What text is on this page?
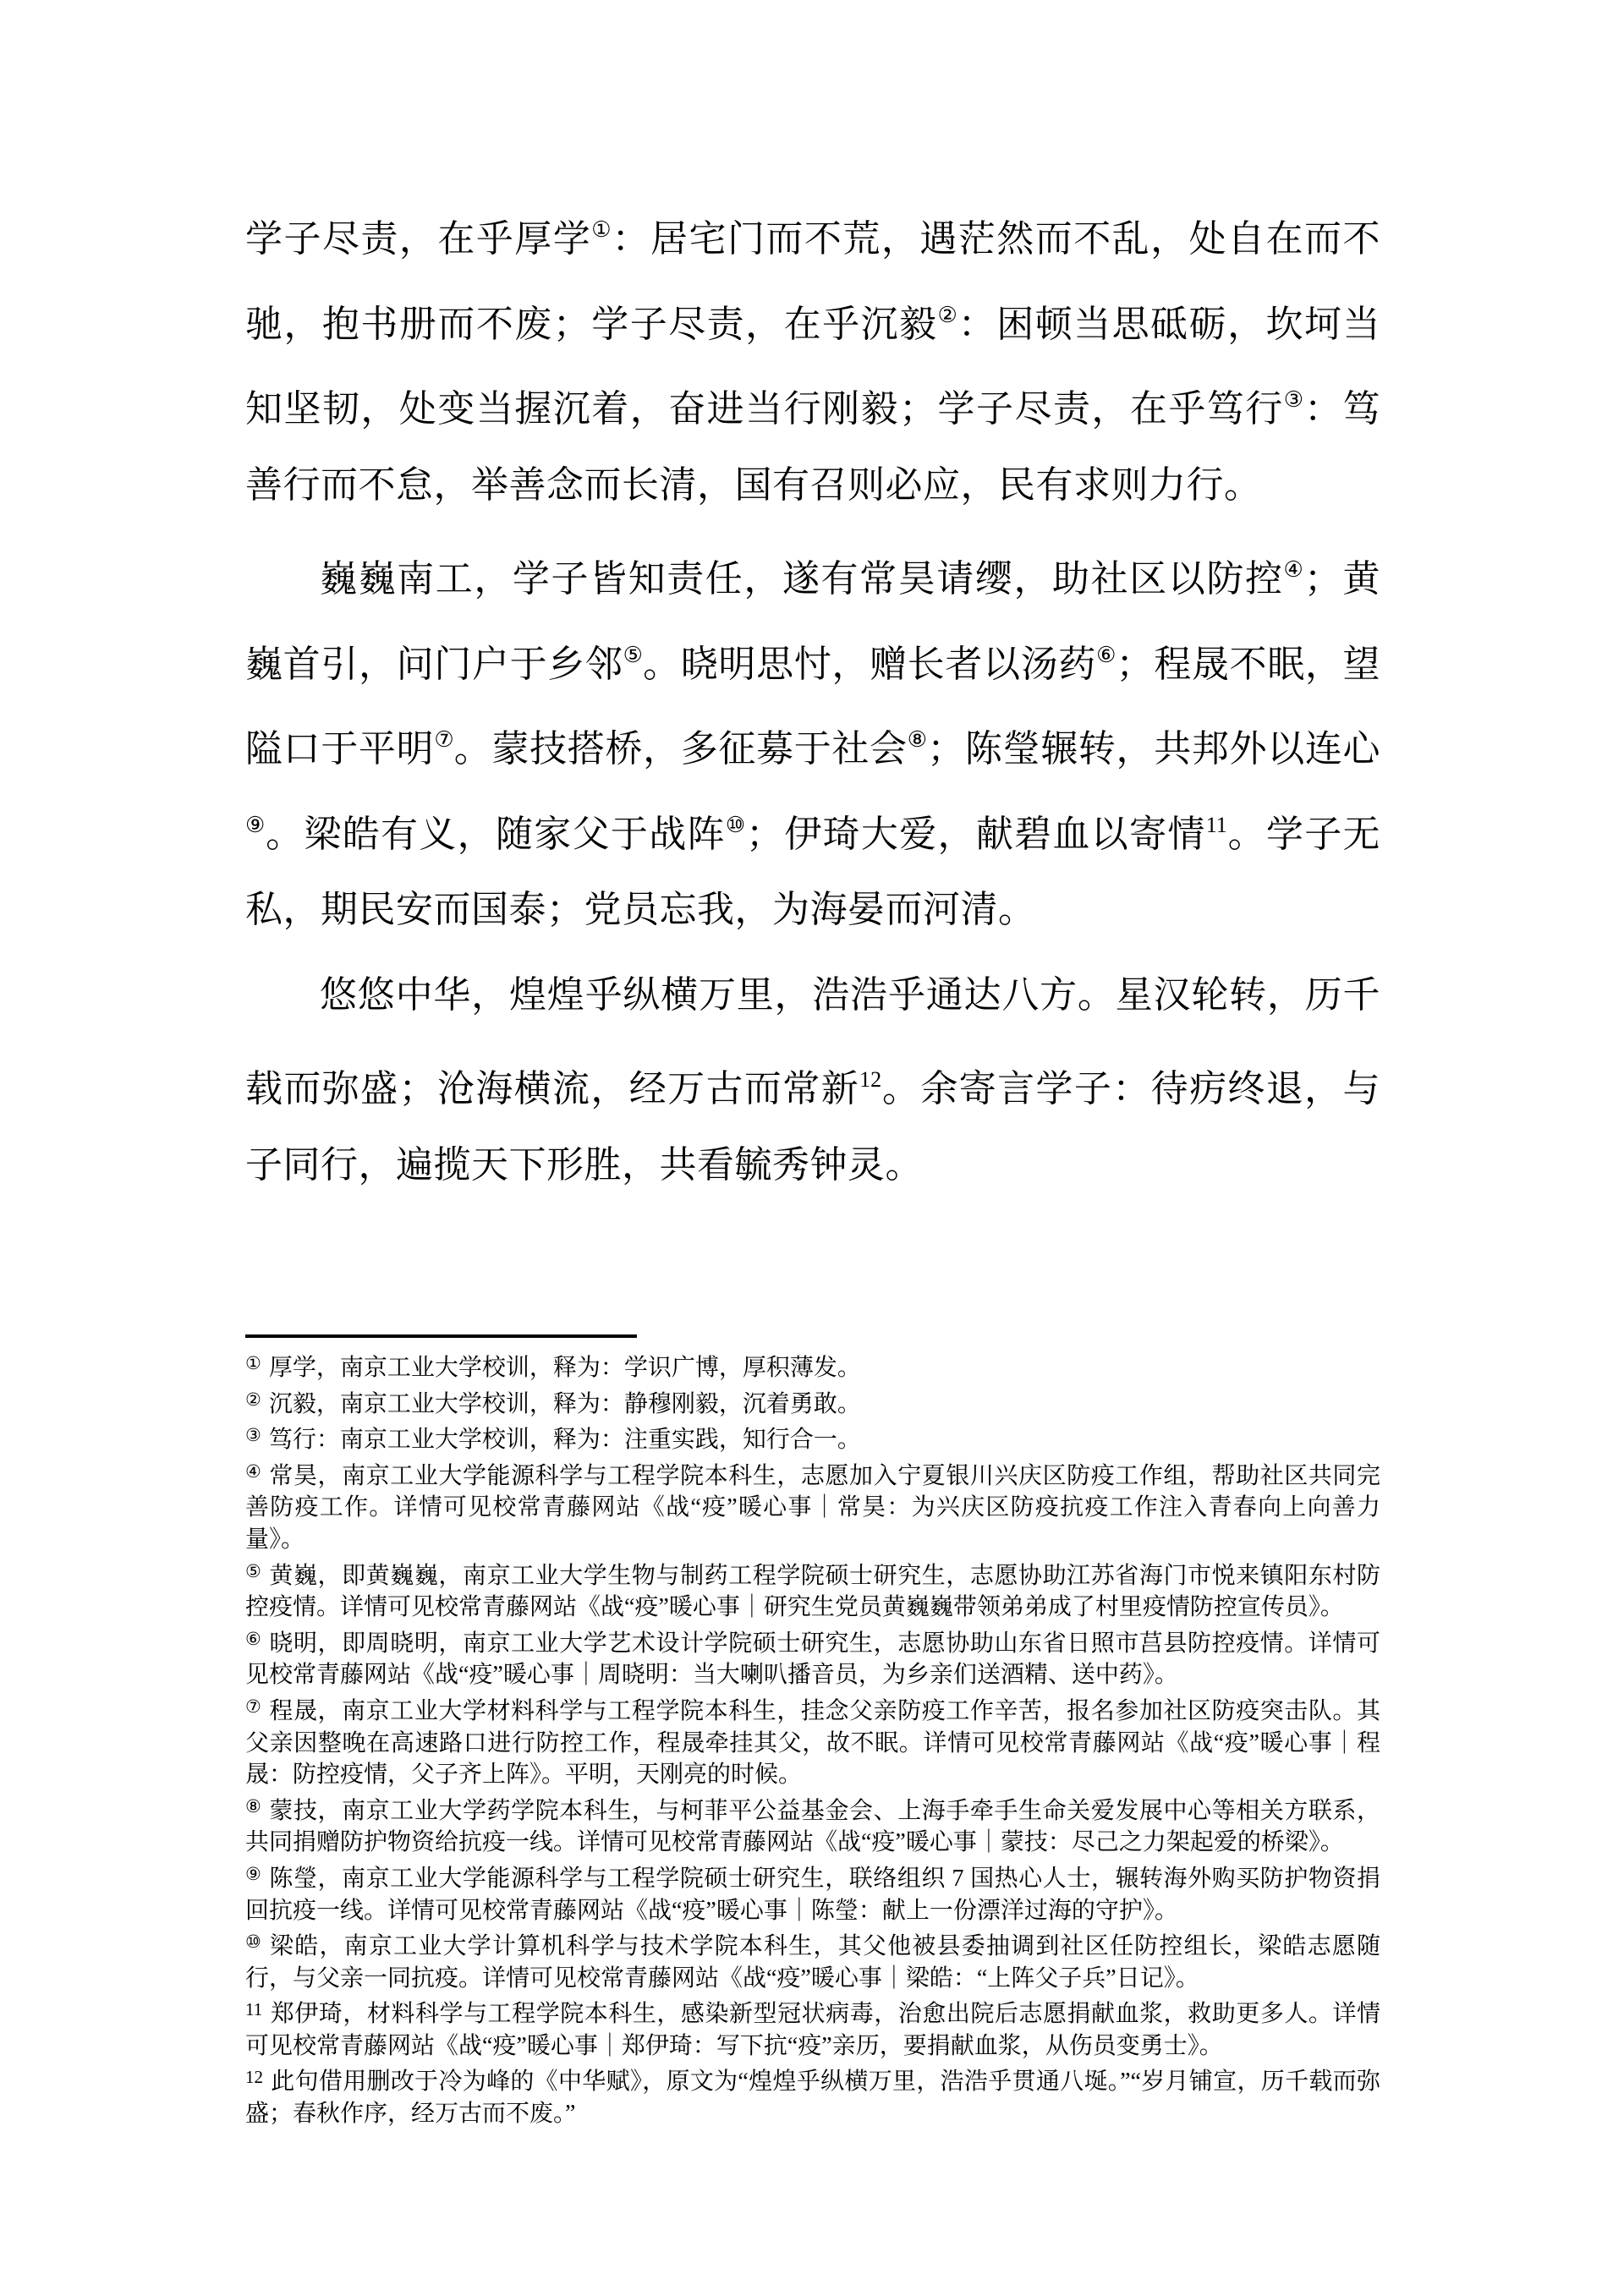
学子尽责，在乎厚学①：居宅门而不荒，遇茫然而不乱，处自在而不
驰，抱书册而不废；学子尽责，在乎沉毅②：困顿当思砥砺，坎坷当
知坚韧，处变当握沉着，奋进当行刚毅；学子尽责，在乎笃行③：笃
善行而不怠，举善念而长清，国有召则必应，民有求则力行。
巍巍南工，学子皆知责任，遂有常昊请缨，助社区以防控④；黄
巍首引，问门户于乡邻⑤。晓明思忖，赠长者以汤药⑥；程晟不眠，望
隘口于平明⑦。蒙技搭桥，多征募于社会⑧；陈瑩辗转，共邦外以连心
⑨。梁皓有义，随家父于战阵⑩；伊琦大爱，献碧血以寄情$^{11}$。学子无
私，期民安而国泰；党员忘我，为海晏而河清。
悠悠中华，煌煌乎纵横万里，浩浩乎通达八方。星汉轮转，历千
载而弥盛；沧海横流，经万古而常新$^{12}$。余寄言学子：待疠终退，与
子同行，遍揽天下形胜，共看毓秀钟灵。

① 厚学，南京工业大学校训，释为：学识广博，厚积薄发。

② 沉毅，南京工业大学校训，释为：静穆刚毅，沉着勇敢。

③ 笃行：南京工业大学校训，释为：注重实践，知行合一。

④ 常昊，南京工业大学能源科学与工程学院本科生，志愿加入宁夏银川兴庆区防疫工作组，帮助社区共同完善防疫工作。详情可见校常青藤网站《战“疫”暖心事｜常昊：为兴庆区防疫抗疫工作注入青春向上向善力量》。

⑤ 黄巍，即黄巍巍，南京工业大学生物与制药工程学院硕士研究生，志愿协助江苏省海门市悦来镇阳东村防控疫情。详情可见校常青藤网站《战“疫”暖心事｜研究生党员黄巍巍带领弟弟成了村里疫情防控宣传员》。

⑥ 晓明，即周晓明，南京工业大学艺术设计学院硕士研究生，志愿协助山东省日照市莒县防控疫情。详情可见校常青藤网站《战“疫”暖心事｜周晓明：当大喇叭播音员，为乡亲们送酒精、送中药》。

⑦ 程晟，南京工业大学材料科学与工程学院本科生，挂念父亲防疫工作辛苦，报名参加社区防疫突击队。其父亲因整晚在高速路口进行防控工作，程晟牵挂其父，故不眠。详情可见校常青藤网站《战“疫”暖心事｜程晟：防控疫情，父子齐上阵》。平明，天刚亮的时候。

⑧ 蒙技，南京工业大学药学院本科生，与柯菲平公益基金会、上海手牵手生命关爱发展中心等相关方联系，共同捐赠防护物资给抗疫一线。详情可见校常青藤网站《战“疫”暖心事｜蒙技：尽己之力架起爱的桥梁》。

⑨ 陈瑩，南京工业大学能源科学与工程学院硕士研究生，联络组织 7 国热心人士，辗转海外购买防护物资捐回抗疫一线。详情可见校常青藤网站《战“疫”暖心事｜陈瑩：献上一份漂洋过海的守护》。

⑩ 梁皓，南京工业大学计算机科学与技术学院本科生，其父他被县委抽调到社区任防控组长，梁皓志愿随行，与父亲一同抗疫。详情可见校常青藤网站《战“疫”暖心事｜梁皓：“上阵父子兵”日记》。

$^{11}$ 郑伊琦，材料科学与工程学院本科生，感染新型冠状病毒，治愈出院后志愿捐献血浆，救助更多人。详情可见校常青藤网站《战“疫”暖心事｜郑伊琦：写下抗“疫”亲历，要捐献血浆，从伤员变勇士》。

$^{12}$ 此句借用删改于冷为峰的《中华赋》，原文为“煌煌乎纵横万里，浩浩乎贯通八埏。”“岁月铺宣，历千载而弥盛；春秋作序，经万古而不废。”
